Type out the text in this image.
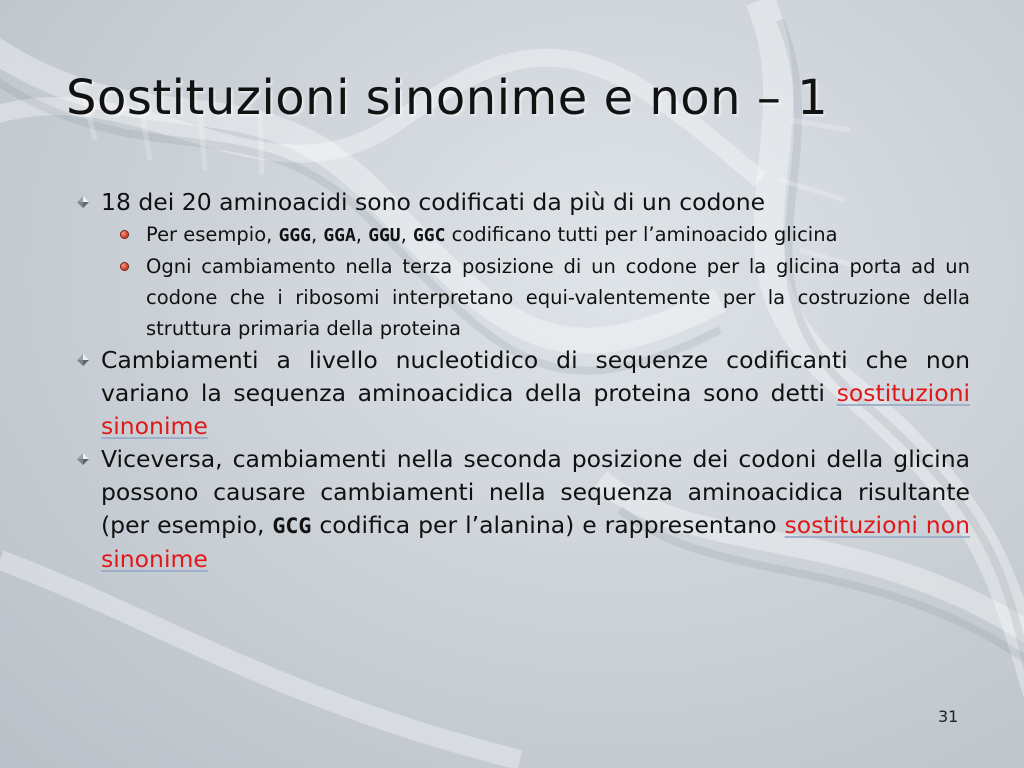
Sostituzioni sinonime e non – 1
18 dei 20 aminoacidi sono codificati da più di un codone
Per esempio, GGG, GGA, GGU, GGC codificano tutti per l’aminoacido glicina
Ogni cambiamento nella terza posizione di un codone per la glicina porta ad un codone che i ribosomi interpretano equi-valentemente per la costruzione della struttura primaria della proteina
Cambiamenti a livello nucleotidico di sequenze codificanti che non variano la sequenza aminoacidica della proteina sono detti sostituzioni sinonime
Viceversa, cambiamenti nella seconda posizione dei codoni della glicina possono causare cambiamenti nella sequenza aminoacidica risultante (per esempio, GCG codifica per l’alanina) e rappresentano sostituzioni non sinonime
31
